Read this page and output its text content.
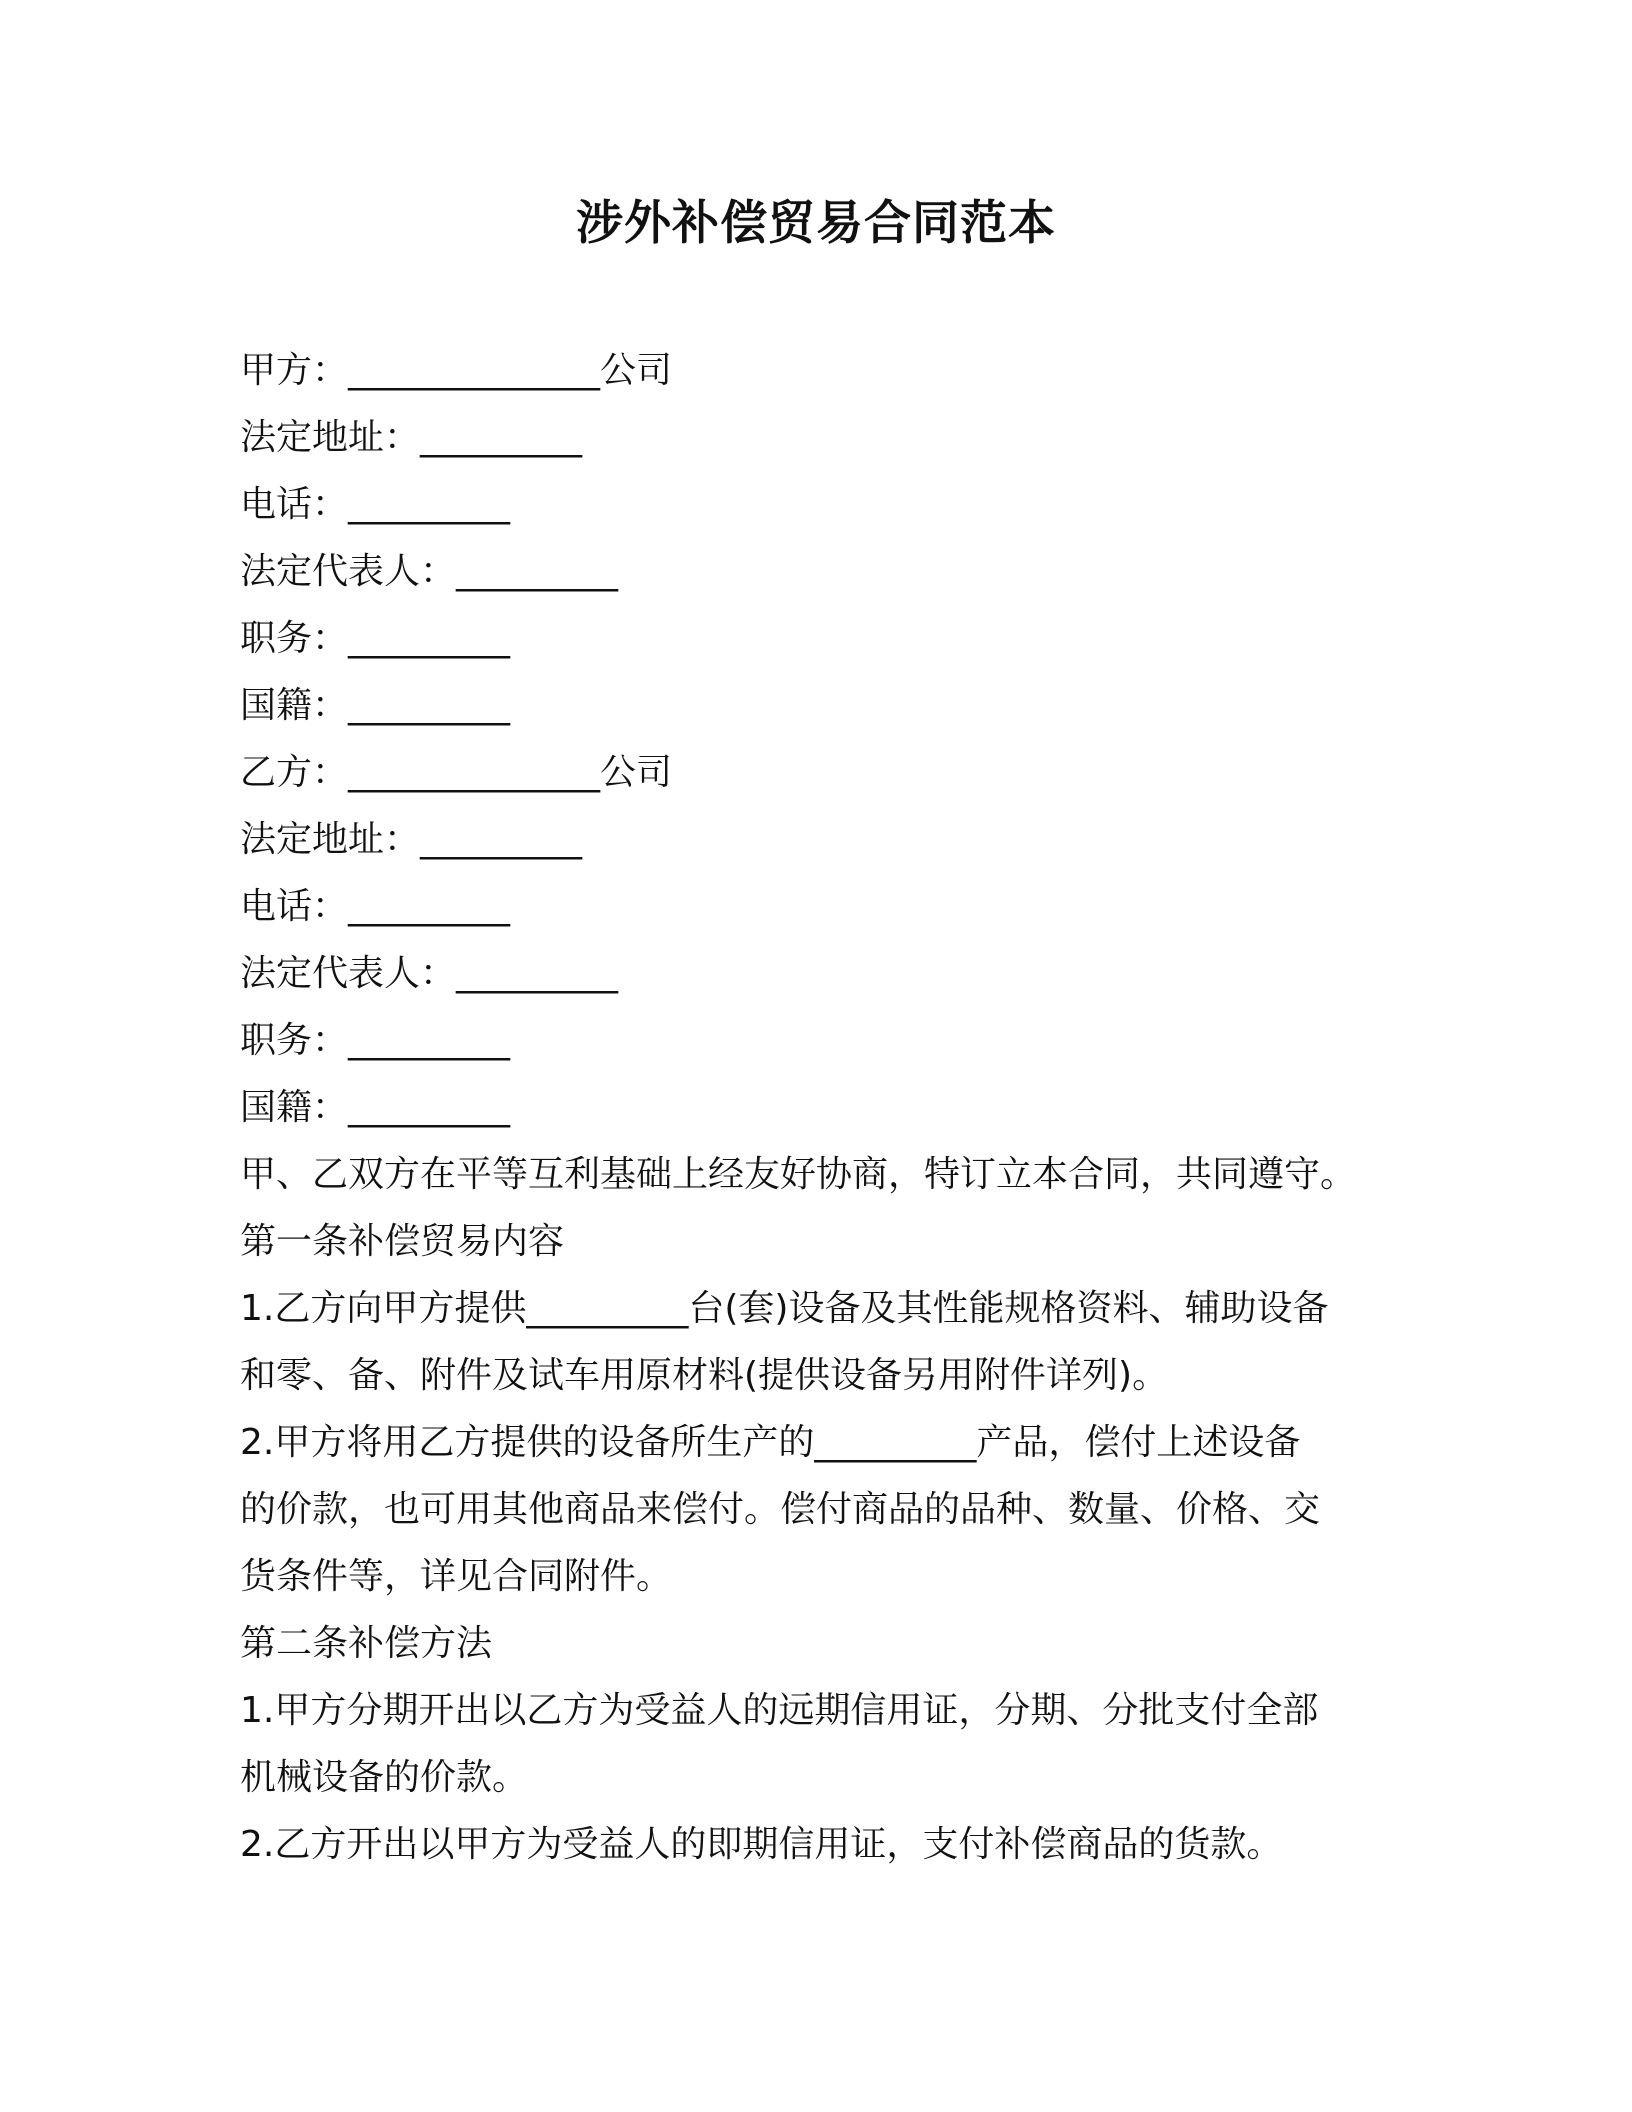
涉外补偿贸易合同范本
甲方：______________公司
法定地址：_________
电话：_________
法定代表人：_________
职务：_________
国籍：_________
乙方：______________公司
法定地址：_________
电话：_________
法定代表人：_________
职务：_________
国籍：_________
甲、乙双方在平等互利基础上经友好协商，特订立本合同，共同遵守。
第一条补偿贸易内容
1.乙方向甲方提供_________台(套)设备及其性能规格资料、辅助设备
和零、备、附件及试车用原材料(提供设备另用附件详列)。
2.甲方将用乙方提供的设备所生产的_________产品，偿付上述设备
的价款，也可用其他商品来偿付。偿付商品的品种、数量、价格、交
货条件等，详见合同附件。
第二条补偿方法
1.甲方分期开出以乙方为受益人的远期信用证，分期、分批支付全部
机械设备的价款。
2.乙方开出以甲方为受益人的即期信用证，支付补偿商品的货款。
